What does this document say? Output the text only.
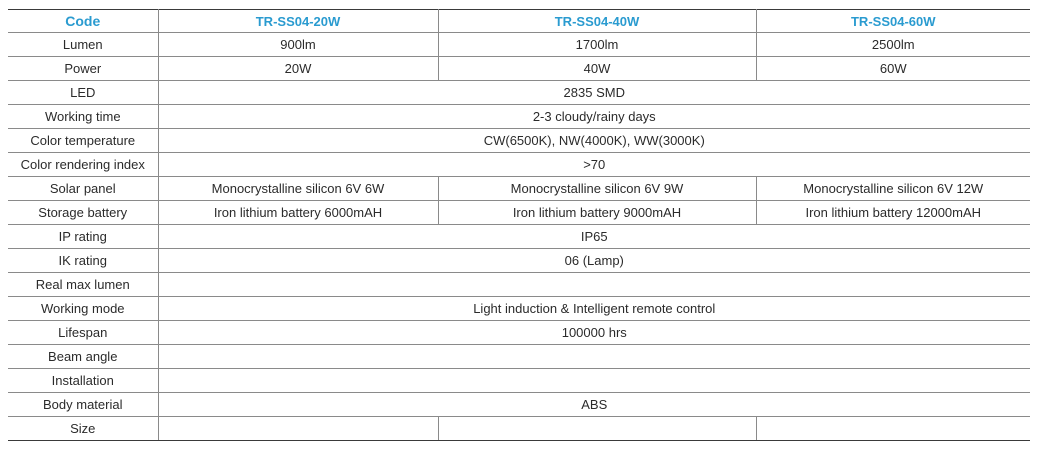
Code	TR-SS04-20W	TR-SS04-40W	TR-SS04-60W
Lumen	900lm	1700lm	2500lm
Power	20W	40W	60W
LED	2835 SMD		
Working time	2-3 cloudy/rainy days		
Color temperature	CW(6500K), NW(4000K), WW(3000K)		
Color rendering index	>70		
Solar panel	Monocrystalline silicon 6V 6W	Monocrystalline silicon 6V 9W	Monocrystalline silicon 6V 12W
Storage battery	Iron lithium battery 6000mAH	Iron lithium battery 9000mAH	Iron lithium battery 12000mAH
IP rating	IP65		
IK rating	06 (Lamp)		
Real max lumen			
Working mode	Light induction & Intelligent remote control		
Lifespan	100000 hrs		
Beam angle			
Installation			
Body material	ABS		
Size			
